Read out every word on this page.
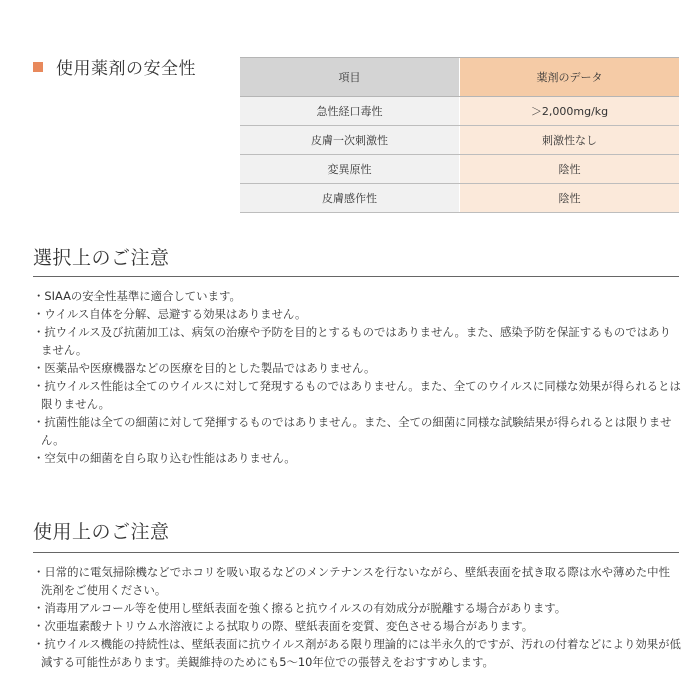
使用薬剤の安全性	項目	薬剤のデータ
急性経口毒性	＞2,000mg/kg
皮膚一次刺激性	刺激性なし
変異原性	陰性
皮膚感作性	陰性
選択上のご注意
・SIAAの安全性基準に適合しています。
・ウイルス自体を分解、忌避する効果はありません。
・抗ウイルス及び抗菌加工は、病気の治療や予防を目的とするものではありません。また、感染予防を保証するものではありません。
・医薬品や医療機器などの医療を目的とした製品ではありません。
・抗ウイルス性能は全てのウイルスに対して発現するものではありません。また、全てのウイルスに同様な効果が得られるとは限りません。
・抗菌性能は全ての細菌に対して発揮するものではありません。また、全ての細菌に同様な試験結果が得られるとは限りません。
・空気中の細菌を自ら取り込む性能はありません。
使用上のご注意
・日常的に電気掃除機などでホコリを吸い取るなどのメンテナンスを行ないながら、壁紙表面を拭き取る際は水や薄めた中性洗剤をご使用ください。
・消毒用アルコール等を使用し壁紙表面を強く擦ると抗ウイルスの有効成分が脱離する場合があります。
・次亜塩素酸ナトリウム水溶液による拭取りの際、壁紙表面を変質、変色させる場合があります。
・抗ウイルス機能の持続性は、壁紙表面に抗ウイルス剤がある限り理論的には半永久的ですが、汚れの付着などにより効果が低減する可能性があります。美観維持のためにも5〜10年位での張替えをおすすめします。
